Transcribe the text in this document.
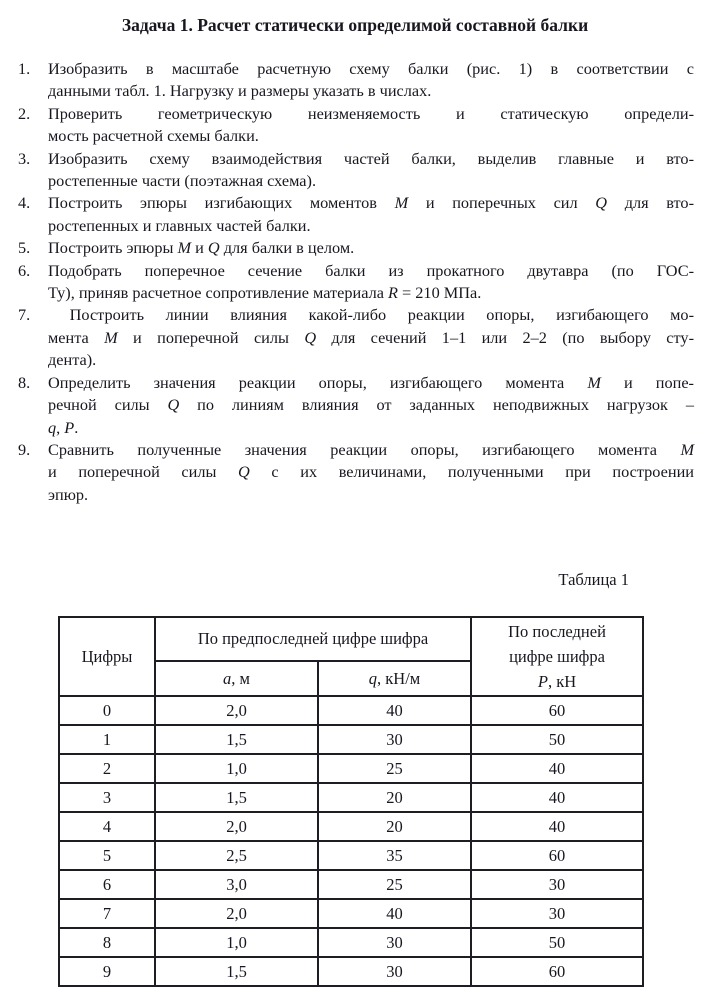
Задача 1. Расчет статически определимой составной балки
1.	Изобразить в масштабе расчетную схему балки (рис. 1) в соответствии с
данными табл. 1. Нагрузку и размеры указать в числах.
2.	Проверить геометрическую неизменяемость и статическую определи-
мость расчетной схемы балки.
3.	Изобразить схему взаимодействия частей балки, выделив главные и вто-
ростепенные части (поэтажная схема).
4.	Построить эпюры изгибающих моментов M и поперечных сил Q для вто-
ростепенных и главных частей балки.
5.	Построить эпюры M и Q для балки в целом.
6.	Подобрать поперечное сечение балки из прокатного двутавра (по ГОС-
Ту), приняв расчетное сопротивление материала R = 210 МПа.
7.	Построить линии влияния какой-либо реакции опоры, изгибающего мо-
мента M и поперечной силы Q для сечений 1–1 или 2–2 (по выбору сту-
дента).
8.	Определить значения реакции опоры, изгибающего момента M и попе-
речной силы Q по линиям влияния от заданных неподвижных нагрузок –
q, P.
9.	Сравнить полученные значения реакции опоры, изгибающего момента M
и поперечной силы Q с их величинами, полученными при построении
эпюр.
Таблица 1
Цифры	По предпоследней цифре шифра		По последней
цифре шифра
P, кН

	a, м	q, кН/м	
0	2,0	40	60
1	1,5	30	50
2	1,0	25	40
3	1,5	20	40
4	2,0	20	40
5	2,5	35	60
6	3,0	25	30
7	2,0	40	30
8	1,0	30	50
9	1,5	30	60
